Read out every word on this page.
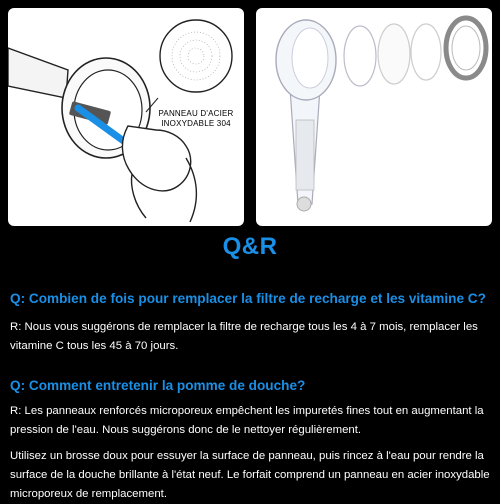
PANNEAU D'ACIER
INOXYDABLE 304
Q&R
Q: Combien de fois pour remplacer la filtre de recharge et les vitamine C?
R: Nous vous suggérons de remplacer la filtre de recharge tous les 4 à 7 mois, remplacer les vitamine C tous les 45 à 70 jours.
Q: Comment entretenir la pomme de douche?
R: Les panneaux renforcés microporeux empêchent les impuretés fines tout en augmentant la pression de l'eau. Nous suggérons donc de le nettoyer régulièrement.
Utilisez un brosse doux pour essuyer la surface de panneau, puis rincez à l'eau pour rendre la surface de la douche brillante à l'état neuf. Le forfait comprend un panneau en acier inoxydable microporeux de remplacement.
